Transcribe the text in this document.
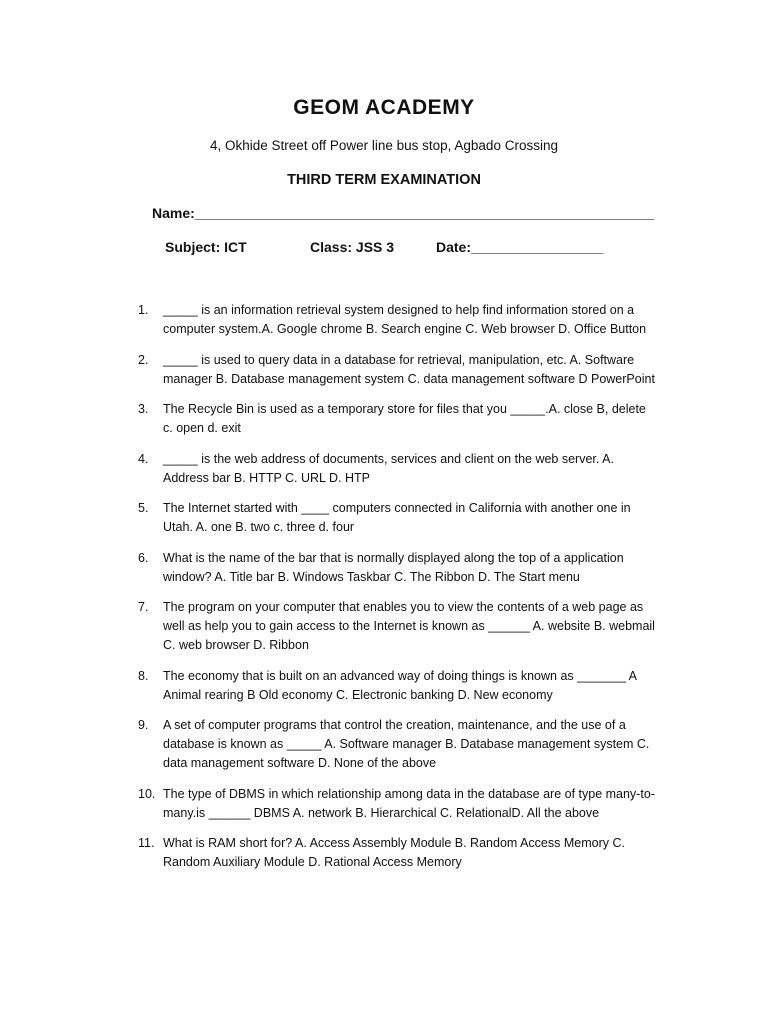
GEOM ACADEMY
4, Okhide Street off Power line bus stop, Agbado Crossing
THIRD TERM EXAMINATION
Name:___________________________________________________________
Subject: ICT	Class: JSS 3	Date:_________________
1.	_____ is an information retrieval system designed to help find information stored on a computer system.A. Google chrome B. Search engine C. Web browser D. Office Button
2.	_____ is used to query data in a database for retrieval, manipulation, etc. A. Software manager B. Database management system C. data management software D PowerPoint
3.	The Recycle Bin is used as a temporary store for files that you _____.A. close B, delete c. open d. exit
4.	_____ is the web address of documents, services and client on the web server. A. Address bar B. HTTP C. URL D. HTP
5.	The Internet started with ____ computers connected in California with another one in Utah. A. one B. two c. three d. four
6.	What is the name of the bar that is normally displayed along the top of a application window? A. Title bar B. Windows Taskbar C. The Ribbon D. The Start menu
7.	The program on your computer that enables you to view the contents of a web page as well as help you to gain access to the Internet is known as ______ A. website B. webmail C. web browser D. Ribbon
8.	The economy that is built on an advanced way of doing things is known as _______ A Animal rearing B Old economy C. Electronic banking D. New economy
9.	A set of computer programs that control the creation, maintenance, and the use of a database is known as _____ A. Software manager B. Database management system C. data management software D. None of the above
10. The type of DBMS in which relationship among data in the database are of type many-to-many.is ______ DBMS A. network B. Hierarchical C. RelationalD. All the above
11. What is RAM short for? A. Access Assembly Module B. Random Access Memory C. Random Auxiliary Module D. Rational Access Memory
